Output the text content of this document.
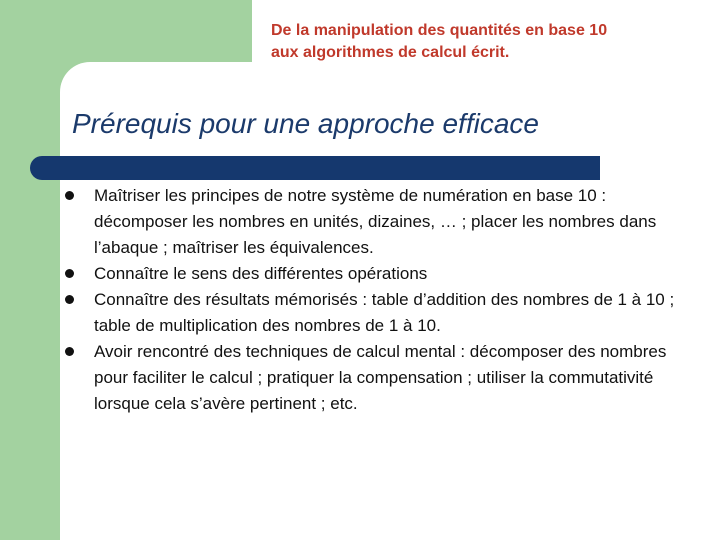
De la manipulation des quantités en base 10
aux algorithmes de calcul écrit.
Prérequis pour une approche efficace
Maîtriser les principes de notre système de numération en base 10 : décomposer les nombres en unités, dizaines, … ; placer les nombres dans l’abaque ; maîtriser les équivalences.
Connaître le sens des différentes opérations
Connaître des résultats mémorisés : table d’addition des nombres de 1 à 10 ; table de multiplication des nombres de 1 à 10.
Avoir rencontré des techniques de calcul mental : décomposer des nombres pour faciliter le calcul ; pratiquer la compensation ; utiliser la commutativité lorsque cela s’avère pertinent ; etc.
